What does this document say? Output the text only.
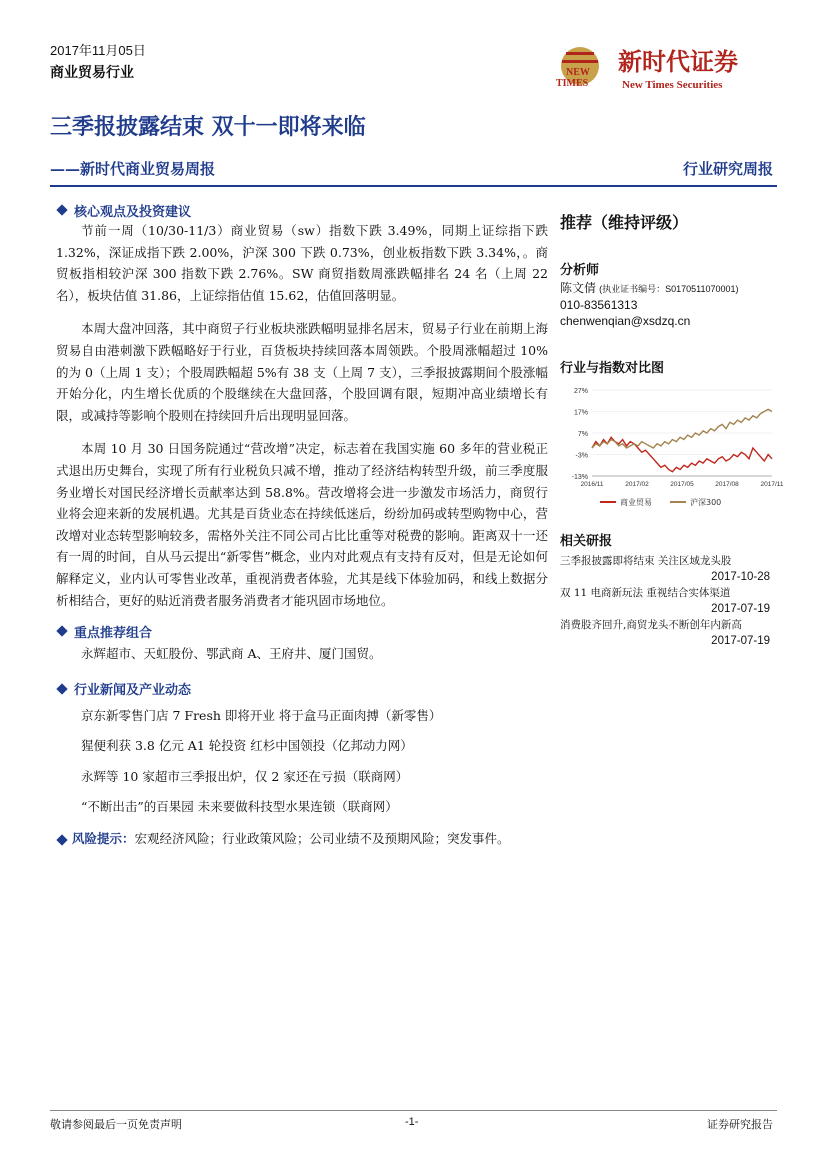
2017年11月05日
商业贸易行业	NEW
TIMES
新时代证券
New Times Securities
三季报披露结束 双十一即将来临
——新时代商业贸易周报	行业研究周报
核心观点及投资建议

节前一周（10/30-11/3）商业贸易（sw）指数下跌 3.49%，同期上证综指下跌 1.32%，深证成指下跌 2.00%，沪深 300 下跌 0.73%，创业板指数下跌 3.34%，。商贸板指相较沪深 300 指数下跌 2.76%。SW 商贸指数周涨跌幅排名 24 名（上周 22 名），板块估值 31.86，上证综指估值 15.62，估值回落明显。

本周大盘冲回落，其中商贸子行业板块涨跌幅明显排名居末，贸易子行业在前期上海贸易自由港刺激下跌幅略好于行业，百货板块持续回落本周领跌。个股周涨幅超过 10%的为 0（上周 1 支）；个股周跌幅超 5%有 38 支（上周 7 支），三季报披露期间个股涨幅开始分化，内生增长优质的个股继续在大盘回落，个股回调有限，短期冲高业绩增长有限，或减持等影响个股则在持续回升后出现明显回落。

本周 10 月 30 日国务院通过“营改增”决定，标志着在我国实施 60 多年的营业税正式退出历史舞台，实现了所有行业税负只减不增，推动了经济结构转型升级，前三季度服务业增长对国民经济增长贡献率达到 58.8%。营改增将会进一步激发市场活力，商贸行业将会迎来新的发展机遇。尤其是百货业态在持续低迷后，纷纷加码或转型购物中心，营改增对业态转型影响较多，需格外关注不同公司占比比重等对税费的影响。距离双十一还有一周的时间，自从马云提出“新零售”概念，业内对此观点有支持有反对，但是无论如何解释定义，业内认可零售业改革，重视消费者体验，尤其是线下体验加码，和线上数据分析相结合，更好的贴近消费者服务消费者才能巩固市场地位。

重点推荐组合

永辉超市、天虹股份、鄂武商 A、王府井、厦门国贸。

行业新闻及产业动态

京东新零售门店 7 Fresh 即将开业 将于盒马正面肉搏（新零售）

猩便利获 3.8 亿元 A1 轮投资 红杉中国领投（亿邦动力网）

永辉等 10 家超市三季报出炉，仅 2 家还在亏损（联商网）

“不断出击”的百果园 未来要做科技型水果连锁（联商网）

风险提示：宏观经济风险；行业政策风险；公司业绩不及预期风险；突发事件。
推荐（维持评级）
分析师
陈文倩 (执业证书编号：S0170511070001)
010-83561313
chenwenqian@xsdzq.cn
行业与指数对比图
27%
17%
7%
-3%
-13%
2016/11	2017/02	2017/05	2017/08	2017/11
商业贸易	沪深300
相关研报
三季报披露即将结束 关注区域龙头股
2017-10-28
双 11 电商新玩法 重视结合实体渠道
2017-07-19
消费股齐回升,商贸龙头不断创年内新高
2017-07-19
敬请参阅最后一页免责声明	-1-	证券研究报告
